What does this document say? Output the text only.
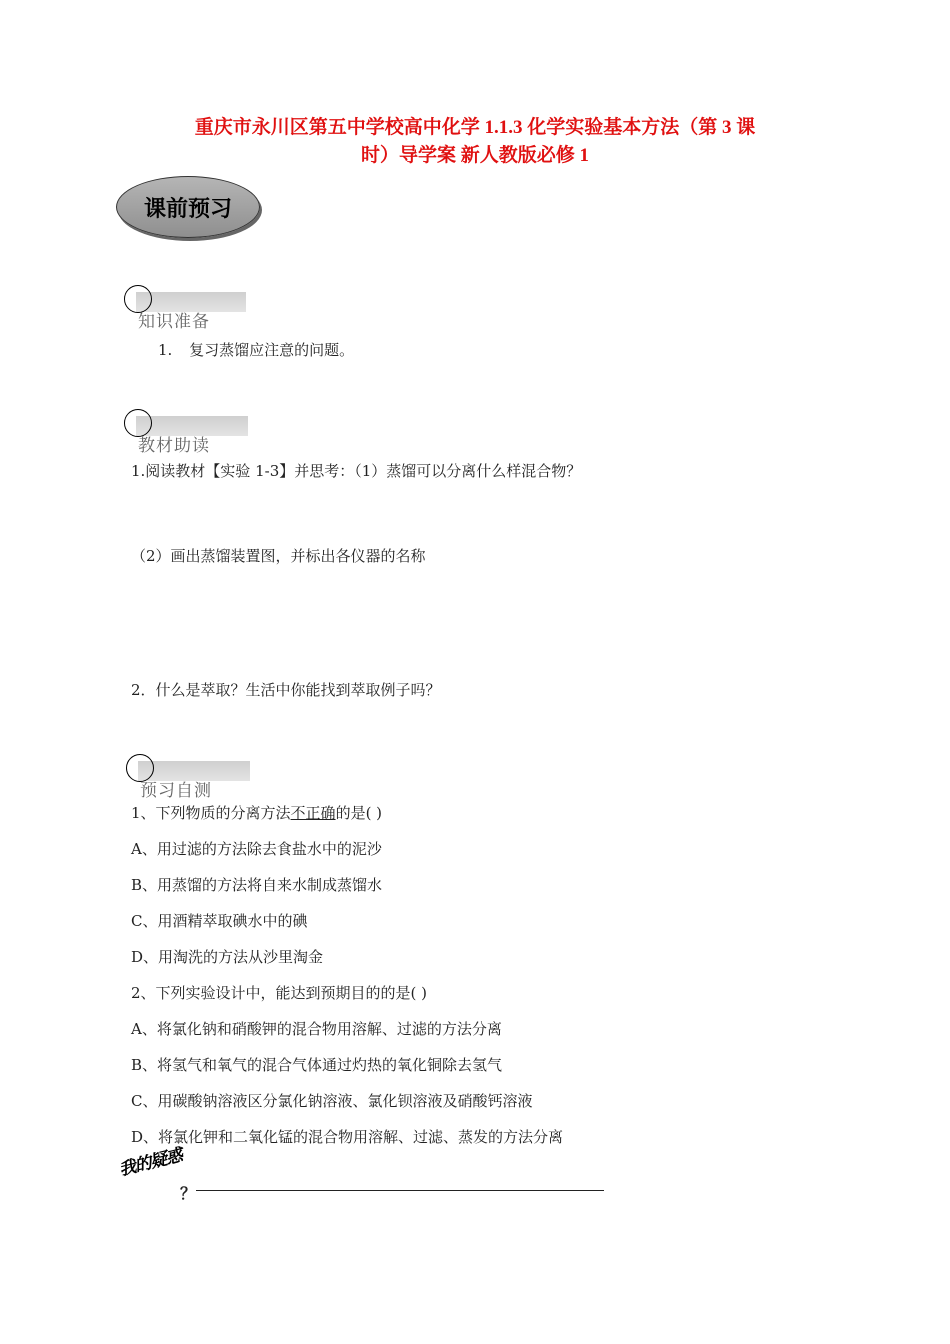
重庆市永川区第五中学校高中化学 1.1.3 化学实验基本方法（第 3 课
时）导学案 新人教版必修 1
课前预习
知识准备
1. 复习蒸馏应注意的问题。
教材助读
1.阅读教材【实验 1-3】并思考：（1）蒸馏可以分离什么样混合物？
（2）画出蒸馏装置图，并标出各仪器的名称
2．什么是萃取？生活中你能找到萃取例子吗？
预习自测
1、下列物质的分离方法不正确的是( )
A、用过滤的方法除去食盐水中的泥沙
B、用蒸馏的方法将自来水制成蒸馏水
C、用酒精萃取碘水中的碘
D、用淘洗的方法从沙里淘金
2、下列实验设计中，能达到预期目的的是( )
A、将氯化钠和硝酸钾的混合物用溶解、过滤的方法分离
B、将氢气和氧气的混合气体通过灼热的氧化铜除去氢气
C、用碳酸钠溶液区分氯化钠溶液、氯化钡溶液及硝酸钙溶液
D、将氯化钾和二氧化锰的混合物用溶解、过滤、蒸发的方法分离
我的疑惑
？
